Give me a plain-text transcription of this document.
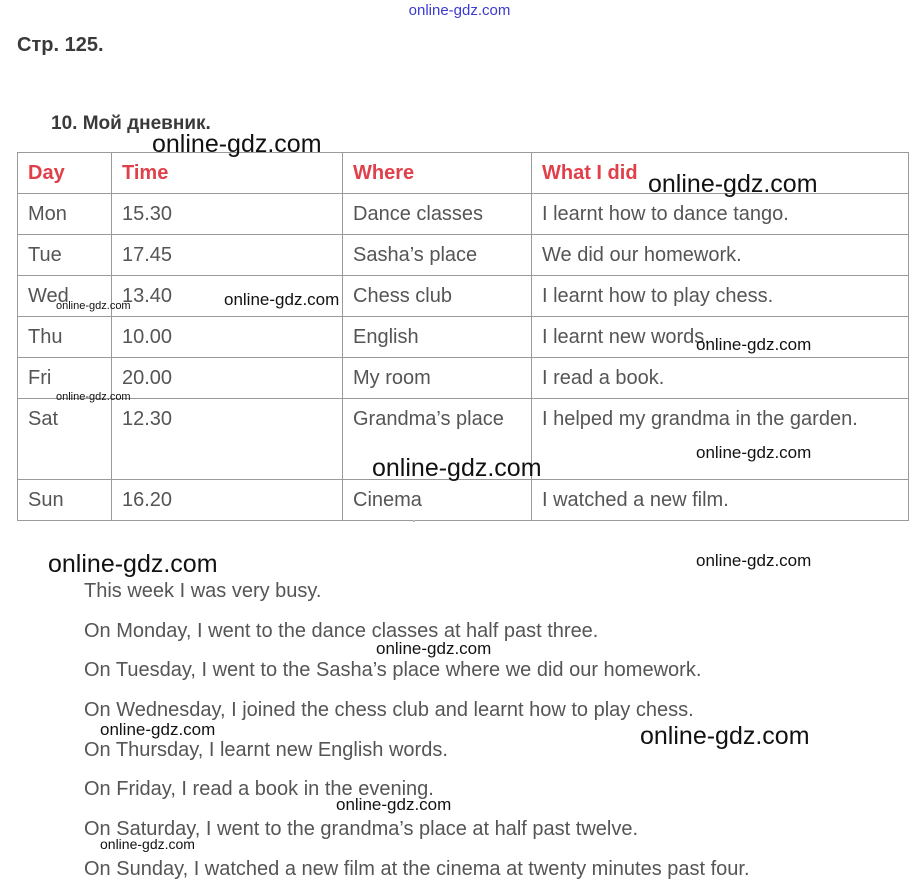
online-gdz.com
Стр. 125.
10. Мой дневник.
Day	Time	Where	What I did
Mon	15.30	Dance classes	I learnt how to dance tango.
Tue	17.45	Sasha’s place	We did our homework.
Wed	13.40	Chess club	I learnt how to play chess.
Thu	10.00	English	I learnt new words.
Fri	20.00	My room	I read a book.
Sat	12.30	Grandma’s place	I helped my grandma in the garden.
Sun	16.20	Cinema	I watched a new film.
This week I was very busy.
On Monday, I went to the dance classes at half past three.
On Tuesday, I went to the Sasha’s place where we did our homework.
On Wednesday, I joined the chess club and learnt how to play chess.
On Thursday, I learnt new English words.
On Friday, I read a book in the evening.
On Saturday, I went to the grandma’s place at half past twelve.
On Sunday, I watched a new film at the cinema at twenty minutes past four.
online-gdz.com
online-gdz.com
online-gdz.com
online-gdz.com
online-gdz.com
online-gdz.com
online-gdz.com
online-gdz.com
online-gdz.com	online-gdz.com
online-gdz.com
online-gdz.com	online-gdz.com
online-gdz.com
online-gdz.com
